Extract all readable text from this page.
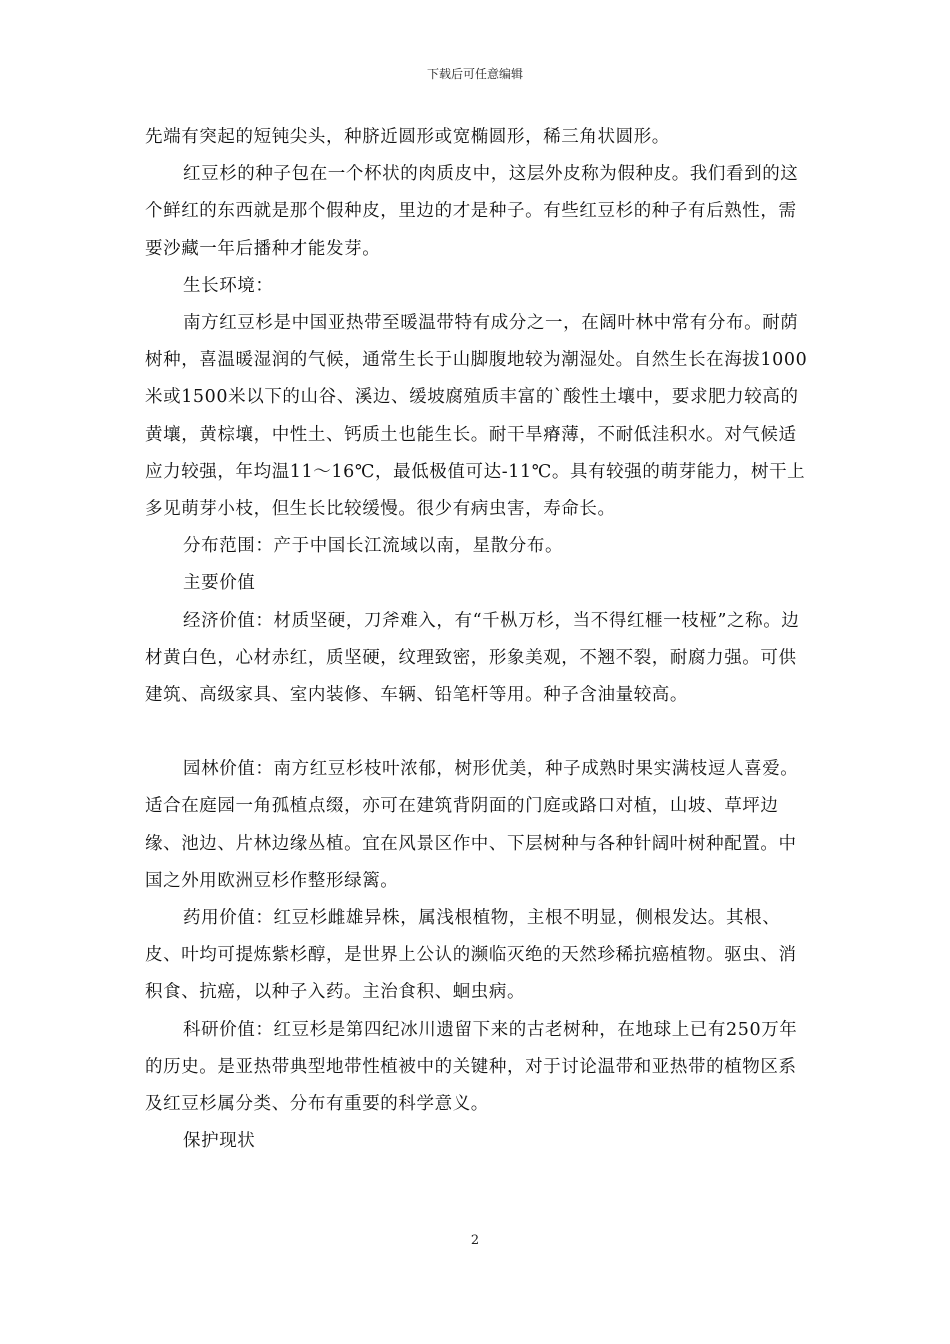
下载后可任意编辑

先端有突起的短钝尖头，种脐近圆形或宽椭圆形，稀三角状圆形。

红豆杉的种子包在一个杯状的肉质皮中，这层外皮称为假种皮。我们看到的这个鲜红的东西就是那个假种皮，里边的才是种子。有些红豆杉的种子有后熟性，需要沙藏一年后播种才能发芽。

生长环境：

南方红豆杉是中国亚热带至暖温带特有成分之一，在阔叶林中常有分布。耐荫树种，喜温暖湿润的气候，通常生长于山脚腹地较为潮湿处。自然生长在海拔1000米或1500米以下的山谷、溪边、缓坡腐殖质丰富的`酸性土壤中，要求肥力较高的黄壤，黄棕壤，中性土、钙质土也能生长。耐干旱瘠薄，不耐低洼积水。对气候适应力较强，年均温11～16℃，最低极值可达-11℃。具有较强的萌芽能力，树干上多见萌芽小枝，但生长比较缓慢。很少有病虫害，寿命长。

分布范围：产于中国长江流域以南，星散分布。

主要价值

经济价值：材质坚硬，刀斧难入，有“千枞万杉，当不得红榧一枝桠”之称。边材黄白色，心材赤红，质坚硬，纹理致密，形象美观，不翘不裂，耐腐力强。可供建筑、高级家具、室内装修、车辆、铅笔杆等用。种子含油量较高。

园林价值：南方红豆杉枝叶浓郁，树形优美，种子成熟时果实满枝逗人喜爱。适合在庭园一角孤植点缀，亦可在建筑背阴面的门庭或路口对植，山坡、草坪边缘、池边、片林边缘丛植。宜在风景区作中、下层树种与各种针阔叶树种配置。中国之外用欧洲豆杉作整形绿篱。

药用价值：红豆杉雌雄异株，属浅根植物，主根不明显，侧根发达。其根、皮、叶均可提炼紫杉醇，是世界上公认的濒临灭绝的天然珍稀抗癌植物。驱虫、消积食、抗癌，以种子入药。主治食积、蛔虫病。

科研价值：红豆杉是第四纪冰川遗留下来的古老树种，在地球上已有250万年的历史。是亚热带典型地带性植被中的关键种，对于讨论温带和亚热带的植物区系及红豆杉属分类、分布有重要的科学意义。

保护现状

2
